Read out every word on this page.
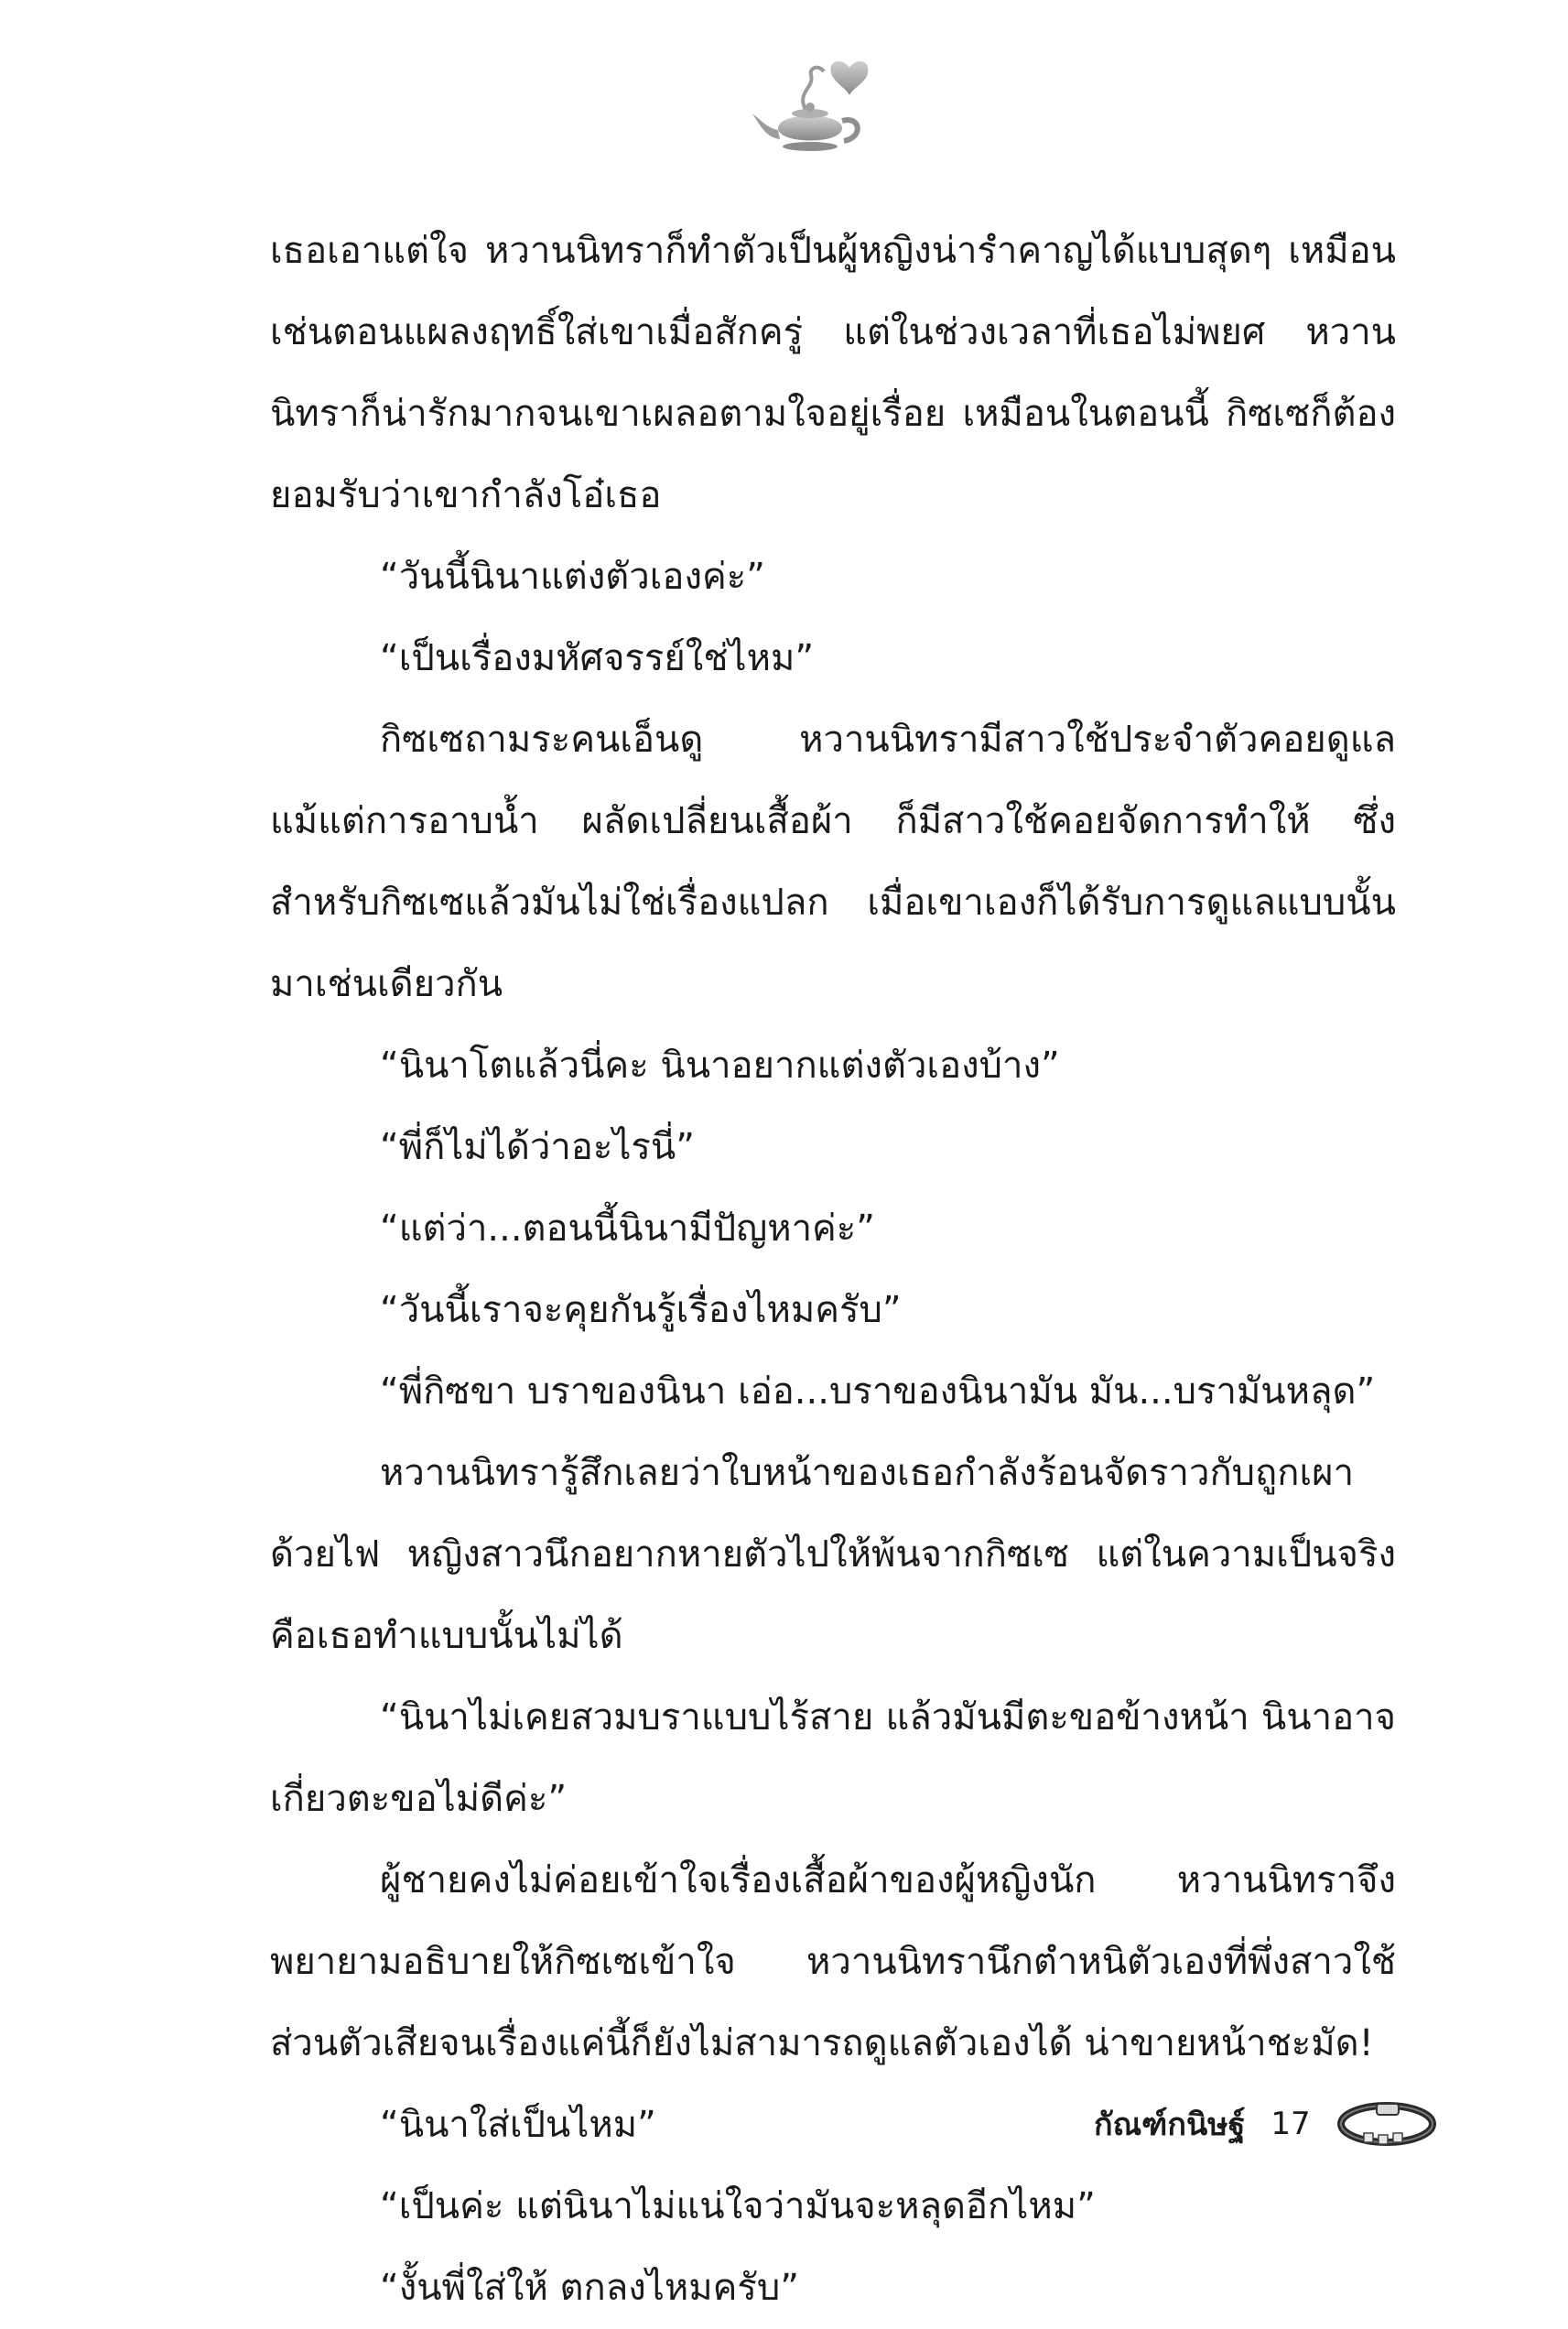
เธอเอาแต่ใจ หวานนิทราก็ทำตัวเป็นผู้หญิงน่ารำคาญได้แบบสุดๆ เหมือนเช่นตอนแผลงฤทธิ์ใส่เขาเมื่อสักครู่ แต่ในช่วงเวลาที่เธอไม่พยศ หวานนิทราก็น่ารักมากจนเขาเผลอตามใจอยู่เรื่อย เหมือนในตอนนี้ กิซเซก็ต้องยอมรับว่าเขากำลังโอ๋เธอ

“วันนี้นินาแต่งตัวเองค่ะ”

“เป็นเรื่องมหัศจรรย์ใช่ไหม”

กิซเซถามระคนเอ็นดู หวานนิทรามีสาวใช้ประจำตัวคอยดูแล แม้แต่การอาบน้ำ ผลัดเปลี่ยนเสื้อผ้า ก็มีสาวใช้คอยจัดการทำให้ ซึ่งสำหรับกิซเซแล้วมันไม่ใช่เรื่องแปลก เมื่อเขาเองก็ได้รับการดูแลแบบนั้นมาเช่นเดียวกัน

“นินาโตแล้วนี่คะ นินาอยากแต่งตัวเองบ้าง”

“พี่ก็ไม่ได้ว่าอะไรนี่”

“แต่ว่า...ตอนนี้นินามีปัญหาค่ะ”

“วันนี้เราจะคุยกันรู้เรื่องไหมครับ”

“พี่กิซขา บราของนินา เอ่อ...บราของนินามัน มัน...บรามันหลุด”

หวานนิทรารู้สึกเลยว่าใบหน้าของเธอกำลังร้อนจัดราวกับถูกเผาด้วยไฟ หญิงสาวนึกอยากหายตัวไปให้พ้นจากกิซเซ แต่ในความเป็นจริงคือเธอทำแบบนั้นไม่ได้

“นินาไม่เคยสวมบราแบบไร้สาย แล้วมันมีตะขอข้างหน้า นินาอาจเกี่ยวตะขอไม่ดีค่ะ”

ผู้ชายคงไม่ค่อยเข้าใจเรื่องเสื้อผ้าของผู้หญิงนัก หวานนิทราจึงพยายามอธิบายให้กิซเซเข้าใจ หวานนิทรานึกตำหนิตัวเองที่พึ่งสาวใช้ส่วนตัวเสียจนเรื่องแค่นี้ก็ยังไม่สามารถดูแลตัวเองได้ น่าขายหน้าชะมัด!

“นินาใส่เป็นไหม”

“เป็นค่ะ แต่นินาไม่แน่ใจว่ามันจะหลุดอีกไหม”

“งั้นพี่ใส่ให้ ตกลงไหมครับ”

กัณฑ์กนิษฐ์ 17
